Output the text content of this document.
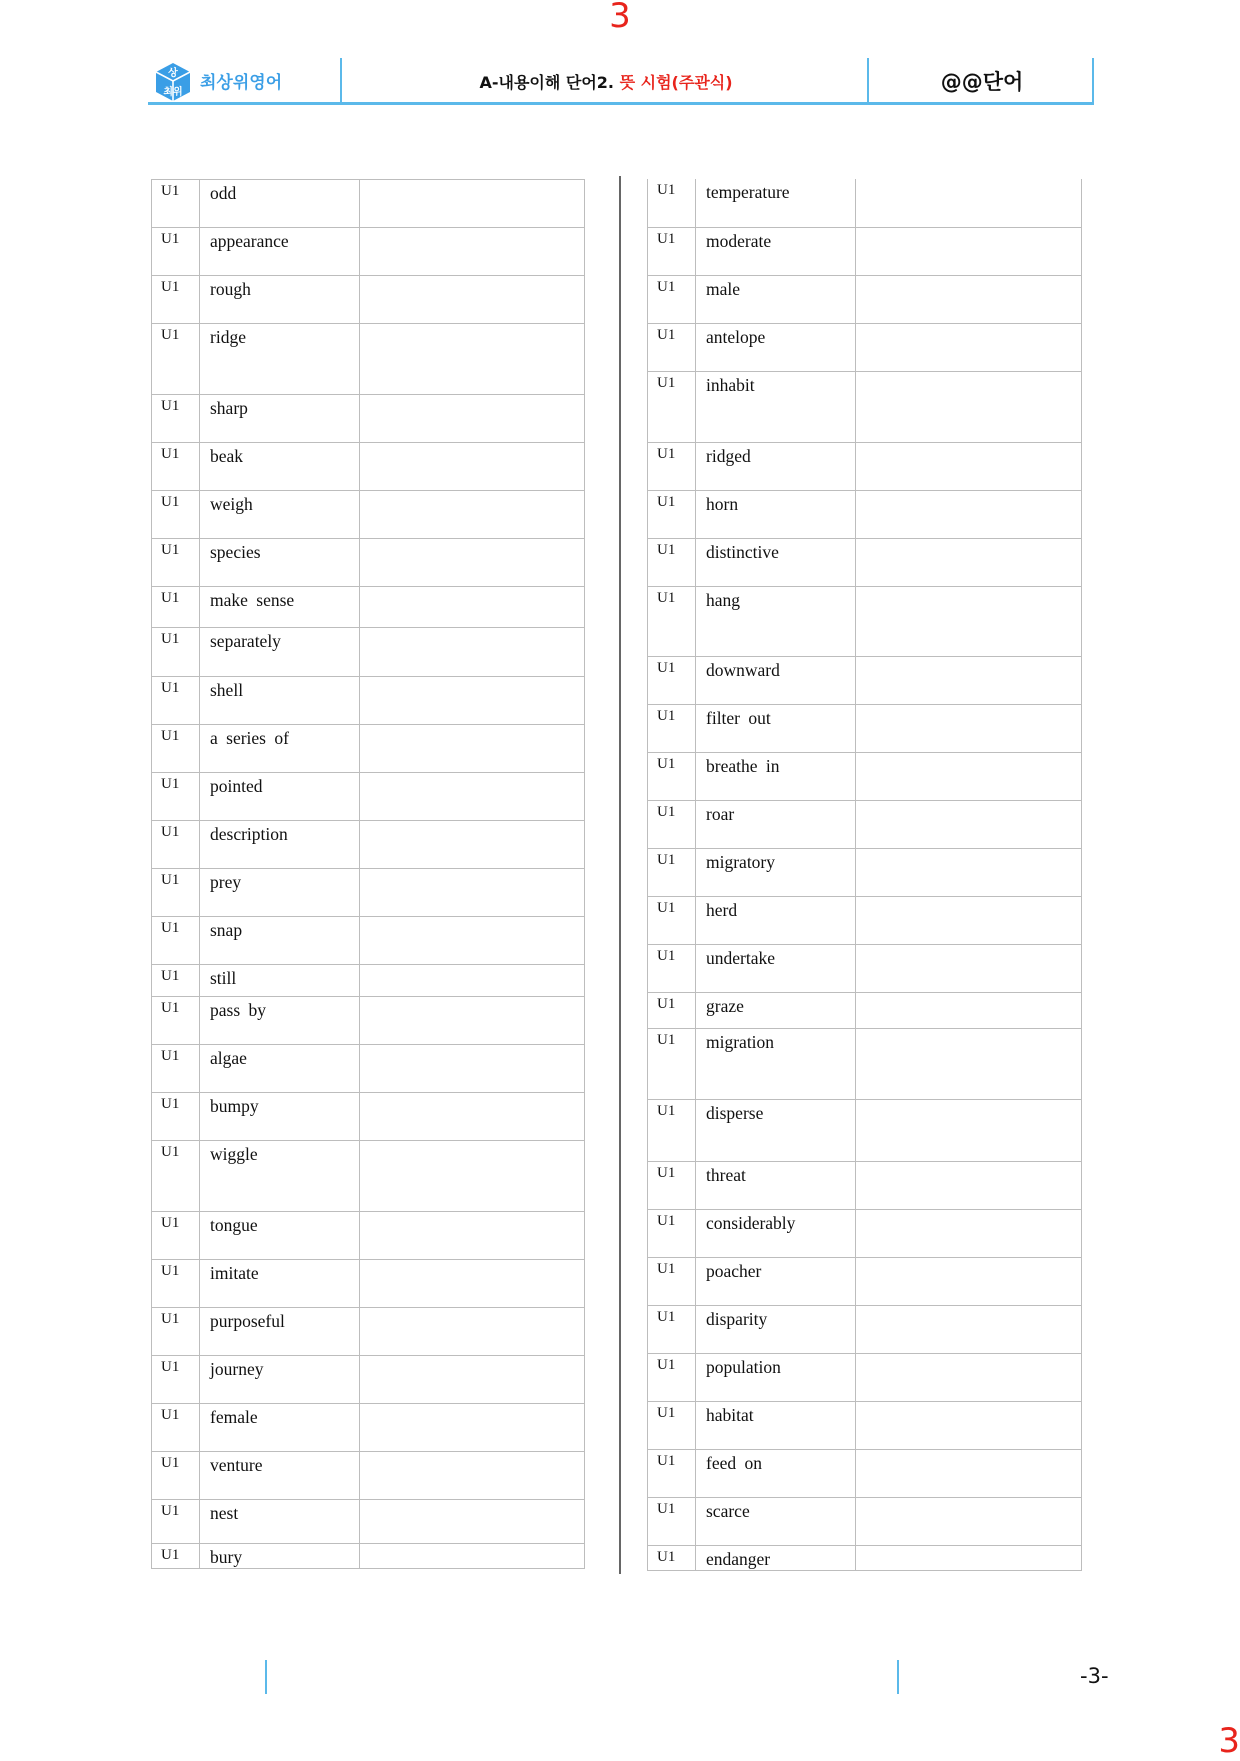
3
상
최위 최상위영어	A-내용이해 단어2. 뜻 시험(주관식)	@@단어
U1	odd	
U1	appearance	
U1	rough	
U1	ridge	
U1	sharp	
U1	beak	
U1	weigh	
U1	species	
U1	make sense	
U1	separately	
U1	shell	
U1	a series of	
U1	pointed	
U1	description	
U1	prey	
U1	snap	
U1	still	
U1	pass by	
U1	algae	
U1	bumpy	
U1	wiggle	
U1	tongue	
U1	imitate	
U1	purposeful	
U1	journey	
U1	female	
U1	venture	
U1	nest	
U1	bury	
U1	temperature	
U1	moderate	
U1	male	
U1	antelope	
U1	inhabit	
U1	ridged	
U1	horn	
U1	distinctive	
U1	hang	
U1	downward	
U1	filter out	
U1	breathe in	
U1	roar	
U1	migratory	
U1	herd	
U1	undertake	
U1	graze	
U1	migration	
U1	disperse	
U1	threat	
U1	considerably	
U1	poacher	
U1	disparity	
U1	population	
U1	habitat	
U1	feed on	
U1	scarce	
U1	endanger	
-3-
3
